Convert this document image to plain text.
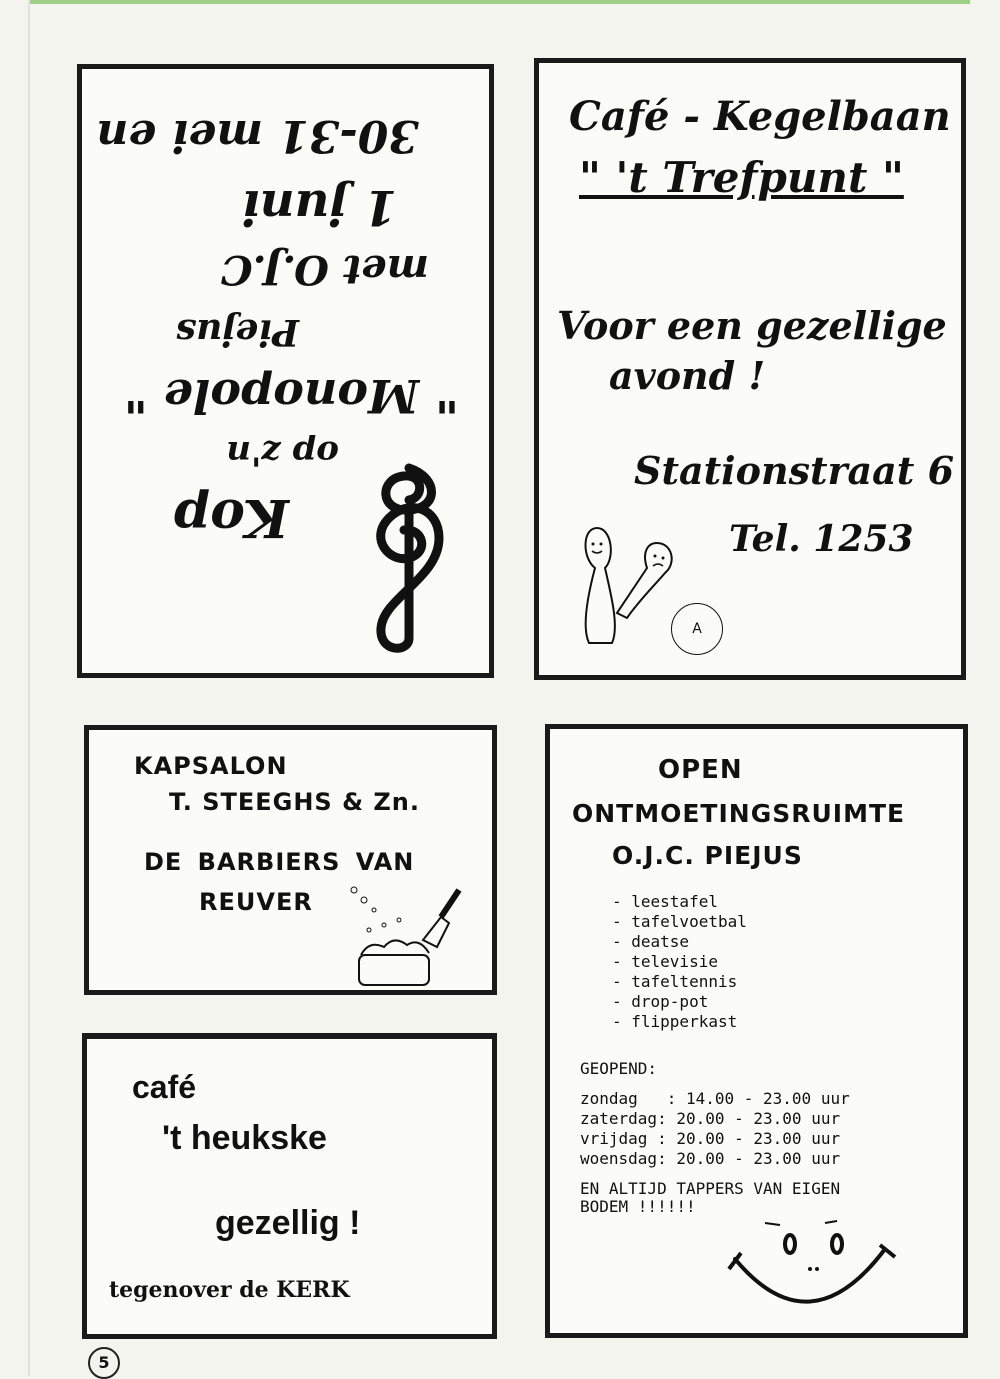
30-31 mei en
1 juni
met O.J.C
Piejus
" Monopole "
op z'n
Kop
Café - Kegelbaan
" 't Trefpunt "
Voor een gezellige
avond !
Stationstraat 6
Tel. 1253
A
KAPSALON
T. STEEGHS & Zn.
DE BARBIERS VAN
REUVER
OPEN
ONTMOETINGSRUIMTE
O.J.C. PIEJUS
- leestafel
- tafelvoetbal
- deatse
- televisie
- tafeltennis
- drop-pot
- flipperkast
GEOPEND:
zondag   : 14.00 - 23.00 uur
zaterdag: 20.00 - 23.00 uur
vrijdag : 20.00 - 23.00 uur
woensdag: 20.00 - 23.00 uur
EN ALTIJD TAPPERS VAN EIGEN
BODEM !!!!!!
café
't heukske
gezellig !
tegenover de KERK
5
